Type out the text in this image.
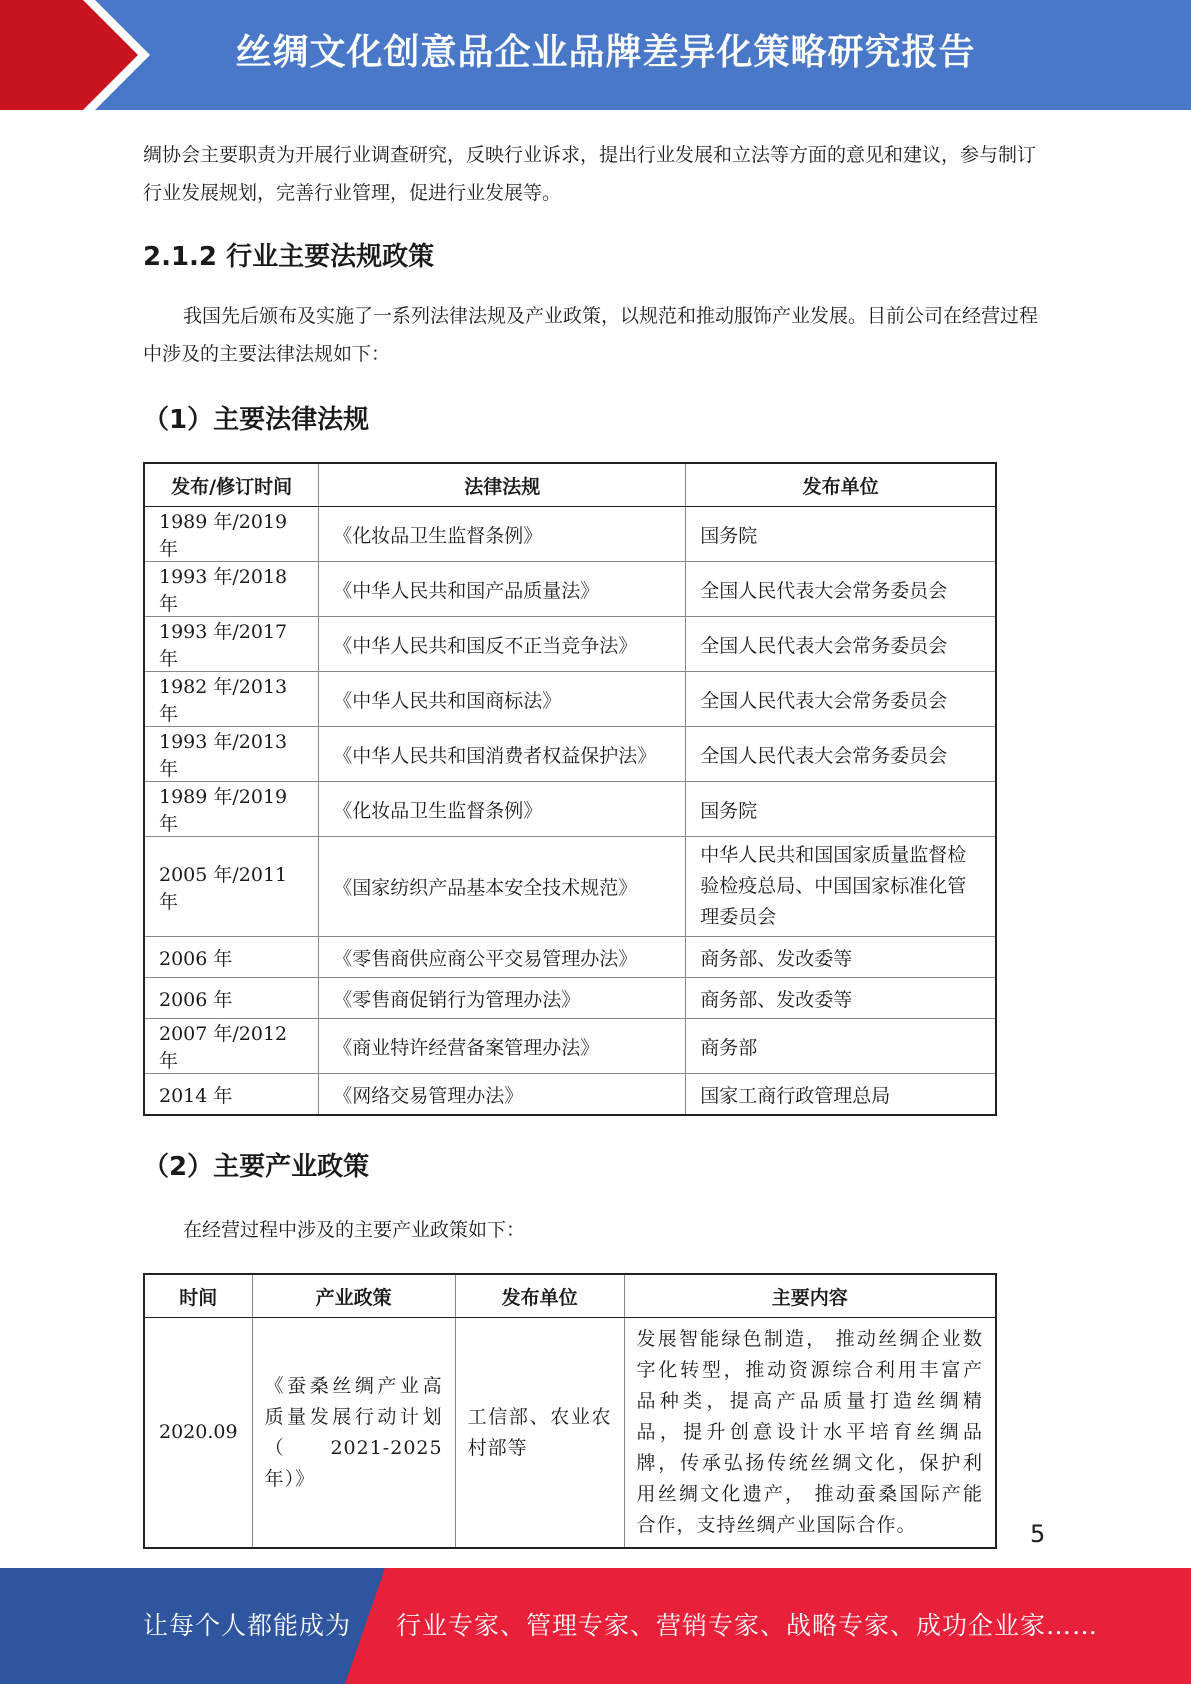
丝绸文化创意品企业品牌差异化策略研究报告

绸协会主要职责为开展行业调查研究，反映行业诉求，提出行业发展和立法等方面的意见和建议，参与制订行业发展规划，完善行业管理，促进行业发展等。

2.1.2 行业主要法规政策

我国先后颁布及实施了一系列法律法规及产业政策，以规范和推动服饰产业发展。目前公司在经营过程中涉及的主要法律法规如下：

（1）主要法律法规
发布/修订时间	法律法规	发布单位
1989 年/2019 年	《化妆品卫生监督条例》	国务院
1993 年/2018 年	《中华人民共和国产品质量法》	全国人民代表大会常务委员会
1993 年/2017 年	《中华人民共和国反不正当竞争法》	全国人民代表大会常务委员会
1982 年/2013 年	《中华人民共和国商标法》	全国人民代表大会常务委员会
1993 年/2013 年	《中华人民共和国消费者权益保护法》	全国人民代表大会常务委员会
1989 年/2019 年	《化妆品卫生监督条例》	国务院
2005 年/2011 年	《国家纺织产品基本安全技术规范》	中华人民共和国国家质量监督检验检疫总局、中国国家标准化管理委员会
2006 年	《零售商供应商公平交易管理办法》	商务部、发改委等
2006 年	《零售商促销行为管理办法》	商务部、发改委等
2007 年/2012 年	《商业特许经营备案管理办法》	商务部
2014 年	《网络交易管理办法》	国家工商行政管理总局
（2）主要产业政策

在经营过程中涉及的主要产业政策如下：

时间	产业政策	发布单位	主要内容
2020.09	《蚕桑丝绸产业高 质量发展行动计划（2021-2025 年）》	工信部、农业农村部等	发展智能绿色制造， 推动丝绸企业数 字化转型，推动资源综合利用丰富产 品种类，提高产品质量打造丝绸精 品，提升创意设计水平培育丝绸品 牌，传承弘扬传统丝绸文化，保护利 用丝绸文化遗产， 推动蚕桑国际产能 合作，支持丝绸产业国际合作。	5
让每个人都能成为 行业专家、管理专家、营销专家、战略专家、成功企业家……
